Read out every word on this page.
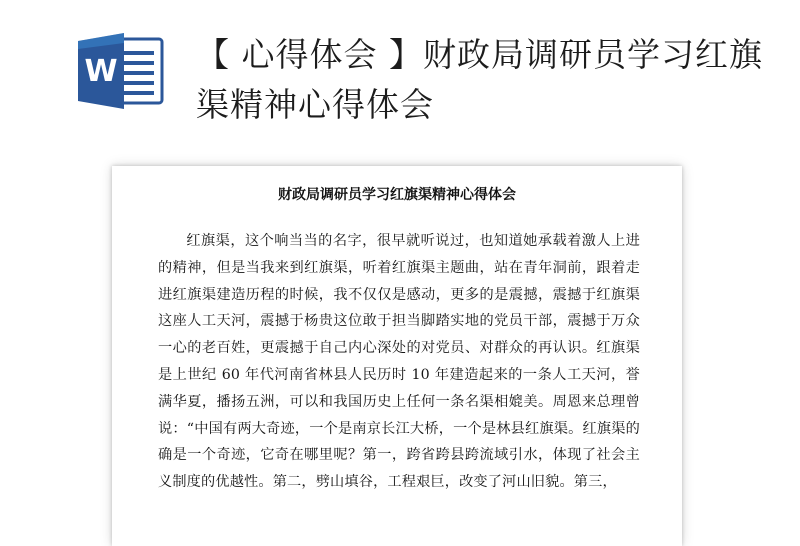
W 【 心得体会 】财政局调研员学习红旗渠精神心得体会
财政局调研员学习红旗渠精神心得体会

红旗渠，这个响当当的名字，很早就听说过，也知道她承载着激人上进的精神，但是当我来到红旗渠，听着红旗渠主题曲，站在青年洞前，跟着走进红旗渠建造历程的时候，我不仅仅是感动，更多的是震撼，震撼于红旗渠这座人工天河，震撼于杨贵这位敢于担当脚踏实地的党员干部，震撼于万众一心的老百姓，更震撼于自己内心深处的对党员、对群众的再认识。红旗渠是上世纪 60 年代河南省林县人民历时 10 年建造起来的一条人工天河，誉满华夏，播扬五洲，可以和我国历史上任何一条名渠相媲美。周恩来总理曾说：“中国有两大奇迹，一个是南京长江大桥，一个是林县红旗渠。红旗渠的确是一个奇迹，它奇在哪里呢？第一，跨省跨县跨流域引水，体现了社会主义制度的优越性。第二，劈山填谷，工程艰巨，改变了河山旧貌。第三，
